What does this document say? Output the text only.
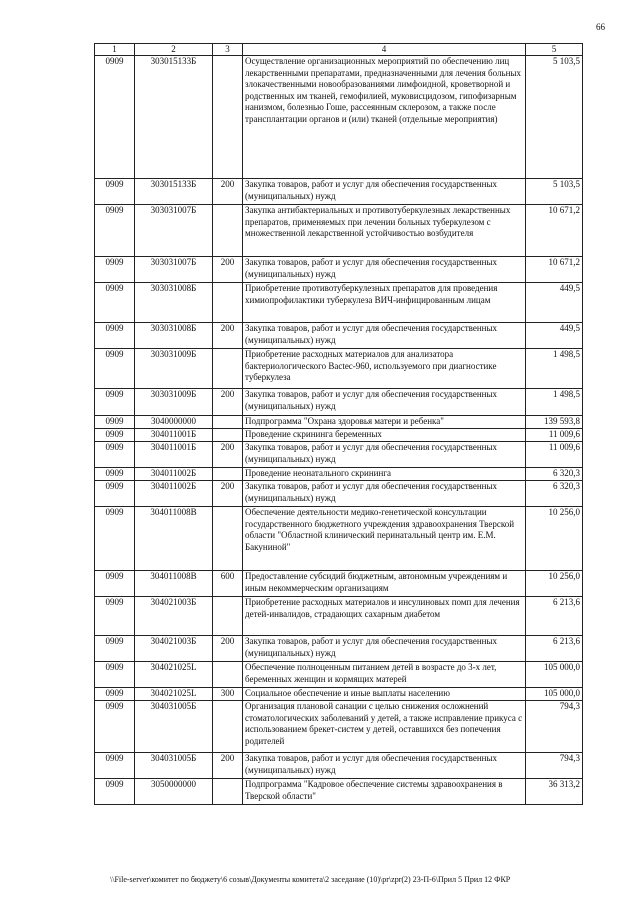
66
1	2	3	4	5
0909	303015133Б		Осуществление организационных мероприятий по обеспечению лиц лекарственными препаратами, предназначенными для лечения больных злокачественными новообразованиями лимфоидной, кроветворной и родственных им тканей, гемофилией, муковисцидозом, гипофизарным нанизмом, болезнью Гоше, рассеянным склерозом, а также после трансплантации органов и (или) тканей (отдельные мероприятия)	5 103,5
0909	303015133Б	200	Закупка товаров, работ и услуг для обеспечения государственных (муниципальных) нужд	5 103,5
0909	303031007Б		Закупка антибактериальных и противотуберкулезных лекарственных препаратов, применяемых при лечении больных туберкулезом с множественной лекарственной устойчивостью возбудителя	10 671,2
0909	303031007Б	200	Закупка товаров, работ и услуг для обеспечения государственных (муниципальных) нужд	10 671,2
0909	303031008Б		Приобретение противотуберкулезных препаратов для проведения химиопрофилактики туберкулеза ВИЧ-инфицированным лицам	449,5
0909	303031008Б	200	Закупка товаров, работ и услуг для обеспечения государственных (муниципальных) нужд	449,5
0909	303031009Б		Приобретение расходных материалов для анализатора бактериологического Bactec-960, используемого при диагностике туберкулеза	1 498,5
0909	303031009Б	200	Закупка товаров, работ и услуг для обеспечения государственных (муниципальных) нужд	1 498,5
0909	3040000000		Подпрограмма "Охрана здоровья матери и ребенка"	139 593,8
0909	304011001Б		Проведение скрининга беременных	11 009,6
0909	304011001Б	200	Закупка товаров, работ и услуг для обеспечения государственных (муниципальных) нужд	11 009,6
0909	304011002Б		Проведение неонатального скрининга	6 320,3
0909	304011002Б	200	Закупка товаров, работ и услуг для обеспечения государственных (муниципальных) нужд	6 320,3
0909	304011008В		Обеспечение деятельности медико-генетической консультации государственного бюджетного учреждения здравоохранения Тверской области "Областной клинический перинатальный центр им. Е.М. Бакуниной"	10 256,0
0909	304011008В	600	Предоставление субсидий бюджетным, автономным учреждениям и иным некоммерческим организациям	10 256,0
0909	304021003Б		Приобретение расходных материалов и инсулиновых помп для лечения детей-инвалидов, страдающих сахарным диабетом	6 213,6
0909	304021003Б	200	Закупка товаров, работ и услуг для обеспечения государственных (муниципальных) нужд	6 213,6
0909	304021025L		Обеспечение полноценным питанием детей в возрасте до 3-х лет, беременных женщин и кормящих матерей	105 000,0
0909	304021025L	300	Социальное обеспечение и иные выплаты населению	105 000,0
0909	304031005Б		Организация плановой санации с целью снижения осложнений стоматологических заболеваний у детей, а также исправление прикуса с использованием брекет-систем у детей, оставшихся без попечения родителей	794,3
0909	304031005Б	200	Закупка товаров, работ и услуг для обеспечения государственных (муниципальных) нужд	794,3
0909	3050000000		Подпрограмма "Кадровое обеспечение системы здравоохранения в Тверской области"	36 313,2
\\File-server\комитет по бюджету\6 созыв\Документы комитета\2 заседание (10)\pr\zpr(2) 23-П-6\Прил 5 Прил 12 ФКР
